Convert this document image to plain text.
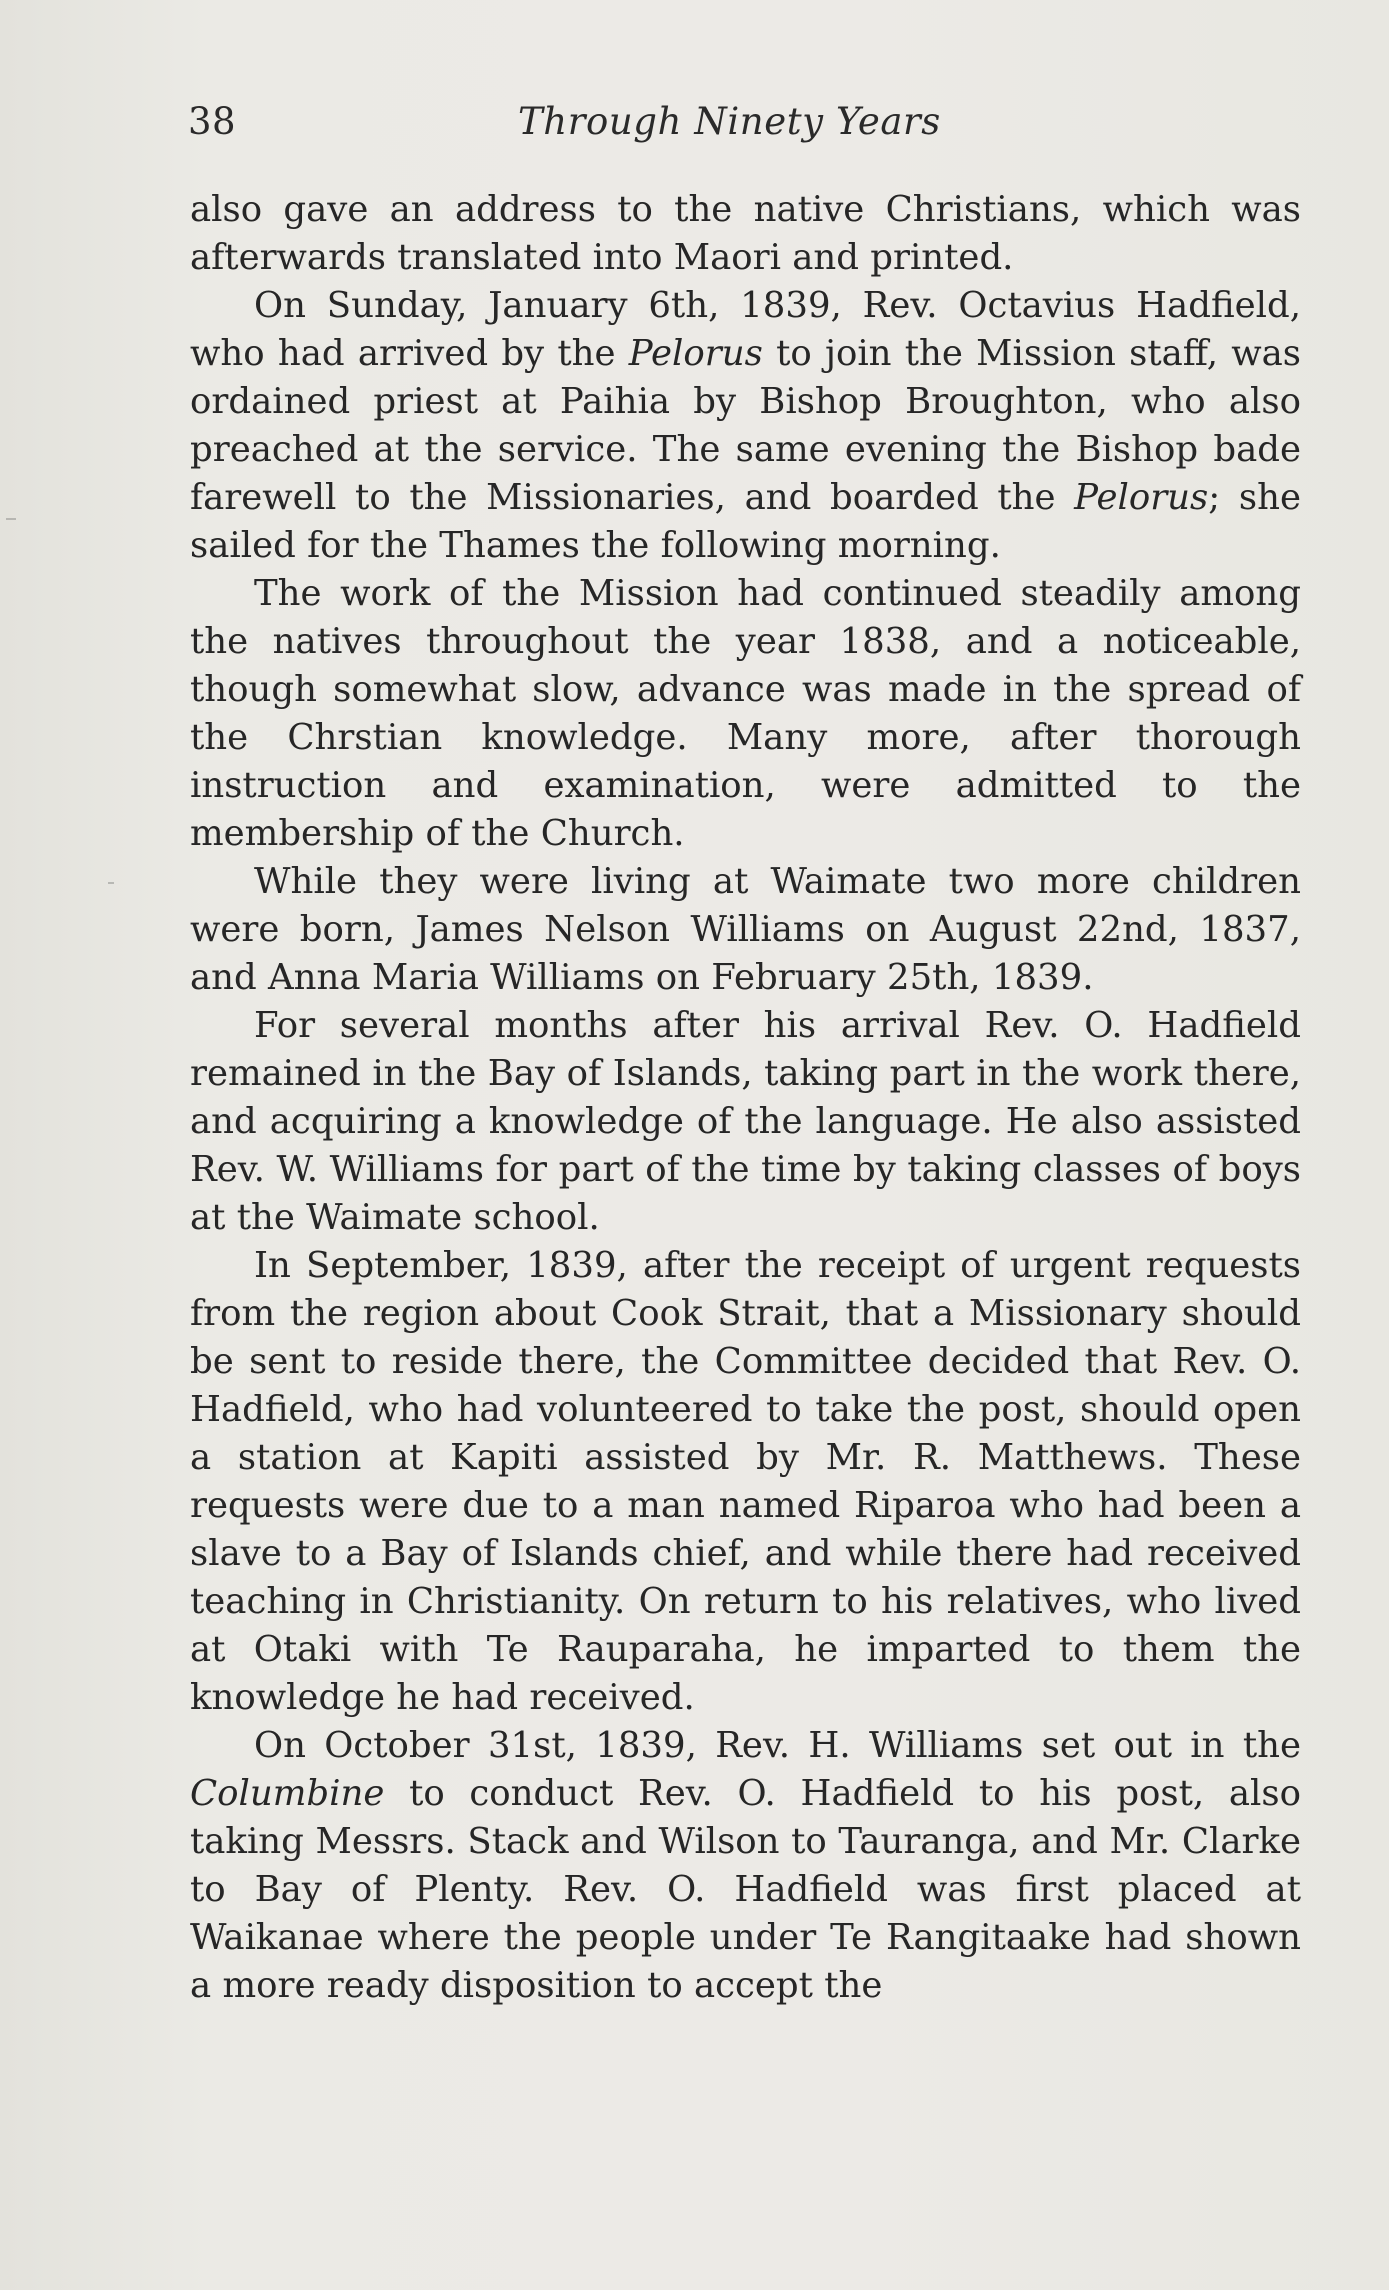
38	Through Ninety Years

also gave an address to the native Christians, which was afterwards translated into Maori and printed.

On Sunday, January 6th, 1839, Rev. Octavius Hadfield, who had arrived by the Pelorus to join the Mission staff, was ordained priest at Paihia by Bishop Broughton, who also preached at the service. The same evening the Bishop bade farewell to the Missionaries, and boarded the Pelorus; she sailed for the Thames the following morning.

The work of the Mission had continued steadily among the natives throughout the year 1838, and a noticeable, though somewhat slow, advance was made in the spread of the Chrstian knowledge. Many more, after thorough instruction and examination, were admitted to the membership of the Church.

While they were living at Waimate two more children were born, James Nelson Williams on August 22nd, 1837, and Anna Maria Williams on February 25th, 1839.

For several months after his arrival Rev. O. Hadfield remained in the Bay of Islands, taking part in the work there, and acquiring a knowledge of the language. He also assisted Rev. W. Williams for part of the time by taking classes of boys at the Waimate school.

In September, 1839, after the receipt of urgent requests from the region about Cook Strait, that a Missionary should be sent to reside there, the Committee decided that Rev. O. Hadfield, who had volunteered to take the post, should open a station at Kapiti assisted by Mr. R. Matthews. These requests were due to a man named Riparoa who had been a slave to a Bay of Islands chief, and while there had received teaching in Christianity. On return to his relatives, who lived at Otaki with Te Rauparaha, he imparted to them the knowledge he had received.

On October 31st, 1839, Rev. H. Williams set out in the Columbine to conduct Rev. O. Hadfield to his post, also taking Messrs. Stack and Wilson to Tauranga, and Mr. Clarke to Bay of Plenty. Rev. O. Hadfield was first placed at Waikanae where the people under Te Rangitaake had shown a more ready disposition to accept the
